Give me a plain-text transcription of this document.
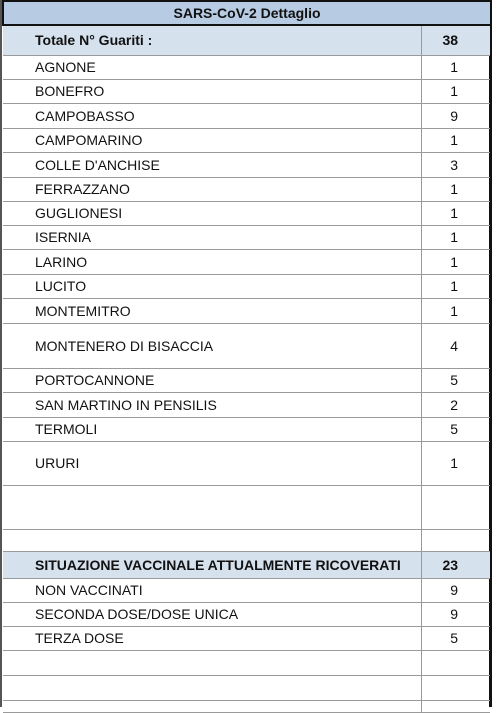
SARS-CoV-2 Dettaglio	
Totale N° Guariti :	38
AGNONE	1
BONEFRO	1
CAMPOBASSO	9
CAMPOMARINO	1
COLLE D'ANCHISE	3
FERRAZZANO	1
GUGLIONESI	1
ISERNIA	1
LARINO	1
LUCITO	1
MONTEMITRO	1
MONTENERO DI BISACCIA	4
PORTOCANNONE	5
SAN MARTINO IN PENSILIS	2
TERMOLI	5
URURI	1

SITUAZIONE VACCINALE ATTUALMENTE RICOVERATI	23
NON VACCINATI	9
SECONDA DOSE/DOSE UNICA	9
TERZA DOSE	5
